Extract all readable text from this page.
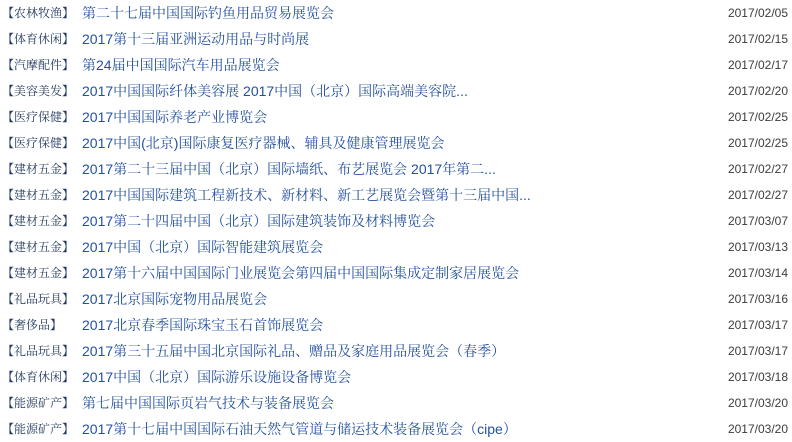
【农林牧渔】 第二十七届中国国际钓鱼用品贸易展览会	2017/02/05
【体育休闲】 2017第十三届亚洲运动用品与时尚展	2017/02/15
【汽摩配件】 第24届中国国际汽车用品展览会	2017/02/17
【美容美发】 2017中国国际纤体美容展 2017中国（北京）国际高端美容院...	2017/02/20
【医疗保健】 2017中国国际养老产业博览会	2017/02/25
【医疗保健】 2017中国(北京)国际康复医疗器械、辅具及健康管理展览会	2017/02/25
【建材五金】 2017第二十三届中国（北京）国际墙纸、布艺展览会 2017年第二...	2017/02/27
【建材五金】 2017中国国际建筑工程新技术、新材料、新工艺展览会暨第十三届中国...	2017/02/27
【建材五金】 2017第二十四届中国（北京）国际建筑装饰及材料博览会	2017/03/07
【建材五金】 2017中国（北京）国际智能建筑展览会	2017/03/13
【建材五金】 2017第十六届中国国际门业展览会第四届中国国际集成定制家居展览会	2017/03/14
【礼品玩具】 2017北京国际宠物用品展览会	2017/03/16
【奢侈品】	2017北京春季国际珠宝玉石首饰展览会	2017/03/17
【礼品玩具】 2017第三十五届中国北京国际礼品、赠品及家庭用品展览会（春季）	2017/03/17
【体育休闲】 2017中国（北京）国际游乐设施设备博览会	2017/03/18
【能源矿产】 第七届中国国际页岩气技术与装备展览会	2017/03/20
【能源矿产】 2017第十七届中国国际石油天然气管道与储运技术装备展览会（cipe）	2017/03/20
